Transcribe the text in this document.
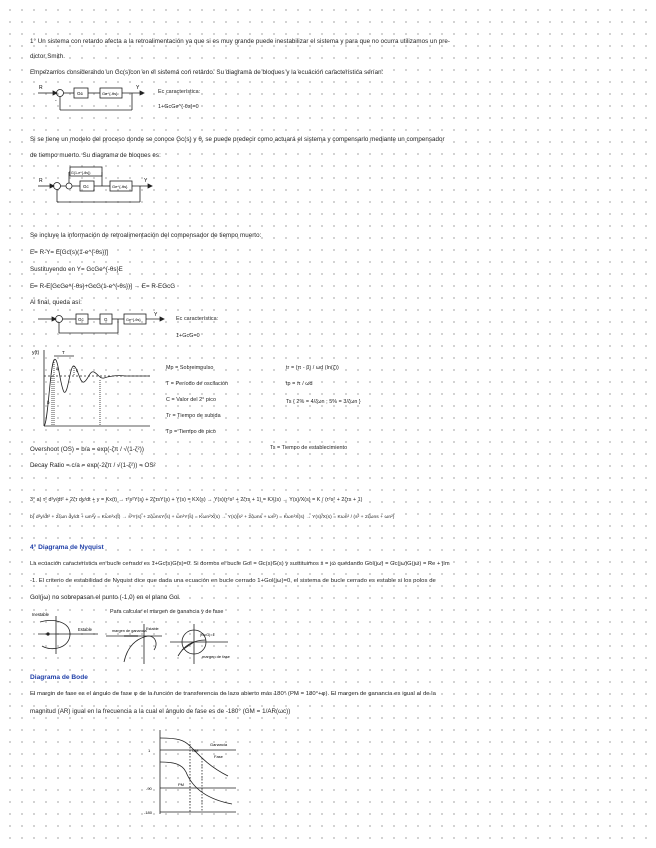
1° Un sistema con retardo afecta a la retroalimentación ya que si es muy grande puede inestabilizar el sistema y para que no ocurra utilizamos un pre-
dictor Smith.
Empezamos considerando un Gc(s)con en el sistema con retardo. Su diagrama de bloques y la ecuación característica serían:
R	Y
Gc	Ge^{-θs}
-
Ec característica:
1+GcGe^{-θs}=0
Si se tiene un modelo del proceso donde se conoce Gc(s) y θ, se puede predecir como actuará el sistema y compensarlo mediante un compensador
de tiempo muerto. Su diagrama de bloques es:
R	Y
Gc	Ge^{-θs}
G(1-e^{-θs})
Se incluye la información de retroalimentación del compensador de tiempo muerto:
E= R-Y= E[Gc(s)(1-e^{-θs})]
Sustituyendo en Y= GcGe^{-θs}E
E= R-E[GcGe^{-θs}+GcG(1-e^{-θs})] → E= R-EGcG
Al final, queda así:
Gc	G	Ge^{-θs}
Y
Ec característica:
1+GcG=0
y(t)
a
b
c
T
Mp = Sobreimpulso
T = Período de oscilación
C = Valor del 2° pico
Tr = Tiempo de subida
Tp = Tiempo de pico
Ts = Tiempo de establecimiento
tr = (π - β) / ωd (ln(ζ))
tp = π / ωd
Ts { 2% = 4/ζωn ; 5% = 3/ζωn }
Overshoot (OS) = b/a = exp(-ζπ / √(1-ζ²))
Decay Ratio = c/a = exp(-2ζπ / √(1-ζ²)) = OS²
3° a) τ² d²y/dt² + 2ζτ dy/dt + y = Kx(t) → τ²s²Y(s) + 2ζτsY(s) + Y(s) = KX(s) → Y(s)(τ²s² + 2ζτs + 1) = KX(s) → Y(s)/X(s) = K / (τ²s² + 2ζτs + 1)
b) d²y/dt² + 2ζωn dy/dt + ωn²y = Kωn²x(t) → s²Y(s) + 2ζωnsY(s) + ωn²Y(s) = Kωn²X(s) → Y(s)(s² + 2ζωns + ωn²) = Kωn²X(s) → Y(s)/X(s) = Kωn² / (s² + 2ζωns + ωn²)
4° Diagrama de Nyquist
La ecuación característica en bucle cerrado es 1+Gc(s)G(s)=0. Si dormos el bucle Gol = Gc(s)G(s) y sustituimos s = jω quedando Gol(jω) = Gc(jω)G(jω) = Re + jIm
-1. El criterio de estabilidad de Nyquist dice que dada una ecuación en bucle cerrado 1+Gol(jω)=0, el sistema de bucle cerrado es estable si los polos de
Gol(jω) no sobrepasan el punto (-1,0) en el plano Gol.
Inestable
Estable
Para calcular el margen de ganancia y de fase
margen de ganancia Estable
|GcG|=1
margen de fase
Diagrama de Bode
El margin de fase es el ángulo de fase φ de la función de transferencia de lazo abierto más 180° (PM = 180°+φ). El margen de ganancia es igual al de la
magnitud (AR) igual en la frecuencia a la cual el ángulo de fase es de -180° (GM = 1/AR(ωc))
1
-90
-180
Ganancia
Fase
GM
PM
